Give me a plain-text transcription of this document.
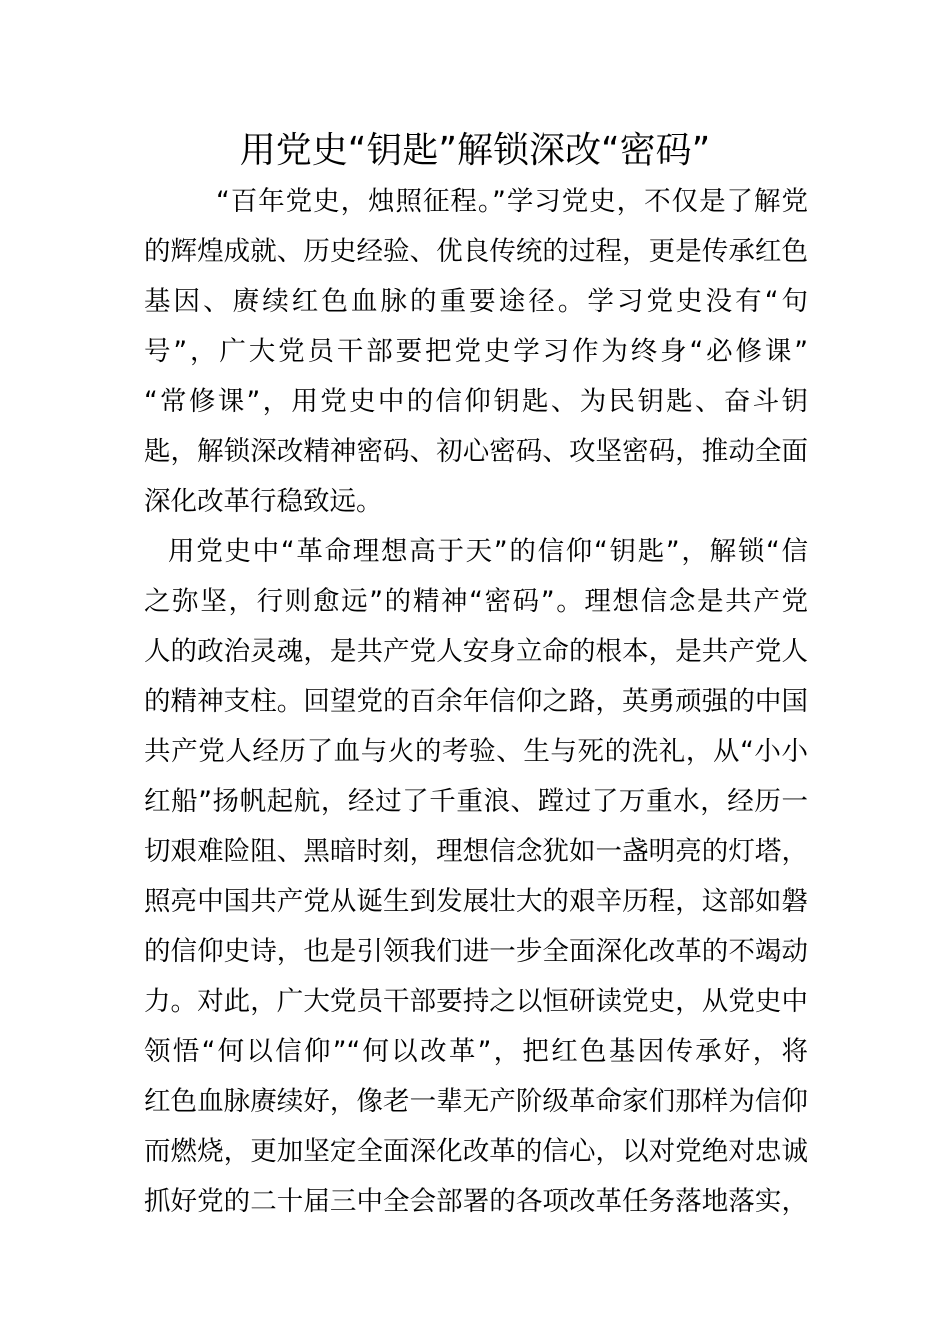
用党史“钥匙”解锁深改“密码”

“百年党史，烛照征程。”学习党史，不仅是了解党

的辉煌成就、历史经验、优良传统的过程，更是传承红色

基因、赓续红色血脉的重要途径。学习党史没有“句

号”，广大党员干部要把党史学习作为终身“必修课”

“常修课”，用党史中的信仰钥匙、为民钥匙、奋斗钥

匙，解锁深改精神密码、初心密码、攻坚密码，推动全面

深化改革行稳致远。

用党史中“革命理想高于天”的信仰“钥匙”，解锁“信

之弥坚，行则愈远”的精神“密码”。理想信念是共产党

人的政治灵魂，是共产党人安身立命的根本，是共产党人

的精神支柱。回望党的百余年信仰之路，英勇顽强的中国

共产党人经历了血与火的考验、生与死的洗礼，从“小小

红船”扬帆起航，经过了千重浪、蹚过了万重水，经历一

切艰难险阻、黑暗时刻，理想信念犹如一盏明亮的灯塔，

照亮中国共产党从诞生到发展壮大的艰辛历程，这部如磐

的信仰史诗，也是引领我们进一步全面深化改革的不竭动

力。对此，广大党员干部要持之以恒研读党史，从党史中

领悟“何以信仰”“何以改革”，把红色基因传承好，将

红色血脉赓续好，像老一辈无产阶级革命家们那样为信仰

而燃烧，更加坚定全面深化改革的信心，以对党绝对忠诚

抓好党的二十届三中全会部署的各项改革任务落地落实，
